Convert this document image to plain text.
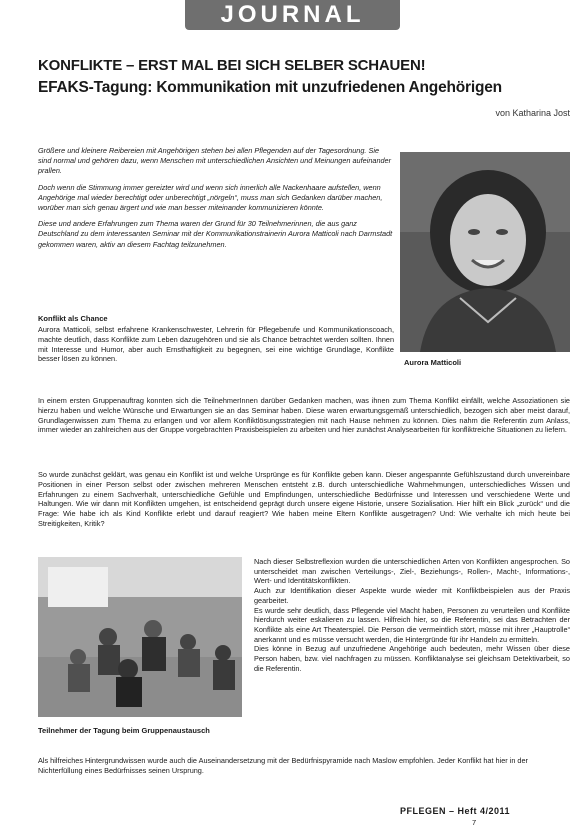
JOURNAL
KONFLIKTE – ERST MAL BEI SICH SELBER SCHAUEN!
EFAKS-Tagung: Kommunikation mit unzufriedenen Angehörigen
von Katharina Jost

Größere und kleinere Reibereien mit Angehörigen stehen bei allen Pflegenden auf der Tagesordnung. Sie sind normal und gehören dazu, wenn Menschen mit unterschiedlichen Ansichten und Meinungen aufeinander prallen.

Doch wenn die Stimmung immer gereizter wird und wenn sich innerlich alle Nackenhaare aufstellen, wenn Angehörige mal wieder berechtigt oder unberechtigt „nörgeln“, muss man sich Gedanken darüber machen, worüber man sich genau ärgert und wie man besser miteinander kommunizieren könnte.

Diese und andere Erfahrungen zum Thema waren der Grund für 30 Teilnehmerinnen, die aus ganz Deutschland zu dem interessanten Seminar mit der Kommunikationstrainerin Aurora Matticoli nach Darmstadt gekommen waren, aktiv an diesem Fachtag teilzunehmen.

Aurora Matticoli
Konflikt als Chance

Aurora Matticoli, selbst erfahrene Krankenschwester, Lehrerin für Pflegeberufe und Kommunikationscoach, machte deutlich, dass Konflikte zum Leben dazugehören und sie als Chance betrachtet werden sollten. Ihnen mit Interesse und Humor, aber auch Ernsthaftigkeit zu begegnen, sei eine wichtige Grundlage, Konflikte besser lösen zu können.

In einem ersten Gruppenauftrag konnten sich die TeilnehmerInnen darüber Gedanken machen, was ihnen zum Thema Konflikt einfällt, welche Assoziationen sie hierzu haben und welche Wünsche und Erwartungen sie an das Seminar haben. Diese waren erwartungsgemäß unterschiedlich, bezogen sich aber meist darauf, Grundlagenwissen zum Thema zu erlangen und vor allem Konfliktlösungsstrategien mit nach Hause nehmen zu können. Dies nahm die Referentin zum Anlass, immer wieder an zahlreichen aus der Gruppe vorgebrachten Praxisbeispielen zu arbeiten und hier zunächst Analysearbeiten für konfliktreiche Situationen zu liefern.

So wurde zunächst geklärt, was genau ein Konflikt ist und welche Ursprünge es für Konflikte geben kann. Dieser angespannte Gefühlszustand durch unvereinbare Positionen in einer Person selbst oder zwischen mehreren Menschen entsteht z.B. durch unterschiedliche Wahrnehmungen, unterschiedliches Wissen und Erfahrungen zu einem Sachverhalt, unterschiedliche Gefühle und Empfindungen, unterschiedliche Bedürfnisse und Interessen und verschiedene Werte und Haltungen. Wie wir dann mit Konflikten umgehen, ist entscheidend geprägt durch unsere eigene Historie, unsere Sozialisation. Hier hilft ein Blick „zurück“ und die Frage: Wie habe ich als Kind Konflikte erlebt und darauf reagiert? Wie haben meine Eltern Konflikte ausgetragen? Und: Wie verhalte ich mich heute bei Streitigkeiten, Kritik?

Teilnehmer der Tagung beim Gruppenaustausch

Nach dieser Selbstreflexion wurden die unterschiedlichen Arten von Konflikten angesprochen. So unterscheidet man zwischen Verteilungs-, Ziel-, Beziehungs-, Rollen-, Macht-, Informations-, Wert- und Identitätskonflikten.

Auch zur Identifikation dieser Aspekte wurde wieder mit Konfliktbeispielen aus der Praxis gearbeitet.

Es wurde sehr deutlich, dass Pflegende viel Macht haben, Personen zu verurteilen und Konflikte hierdurch weiter eskalieren zu lassen. Hilfreich hier, so die Referentin, sei das Betrachten der Konflikte als eine Art Theaterspiel. Die Person die vermeintlich stört, müsse mit ihrer „Hauptrolle“ anerkannt und es müsse versucht werden, die Hintergründe für ihr Handeln zu ermitteln.

Dies könne in Bezug auf unzufriedene Angehörige auch bedeuten, mehr Wissen über diese Person haben, bzw. viel nachfragen zu müssen. Konfliktanalyse sei gleichsam Detektivarbeit, so die Referentin.

Als hilfreiches Hintergrundwissen wurde auch die Auseinandersetzung mit der Bedürfnispyramide nach Maslow empfohlen. Jeder Konflikt hat hier in der Nichterfüllung eines Bedürfnisses seinen Ursprung.

PFLEGEN – Heft 4/2011
7
